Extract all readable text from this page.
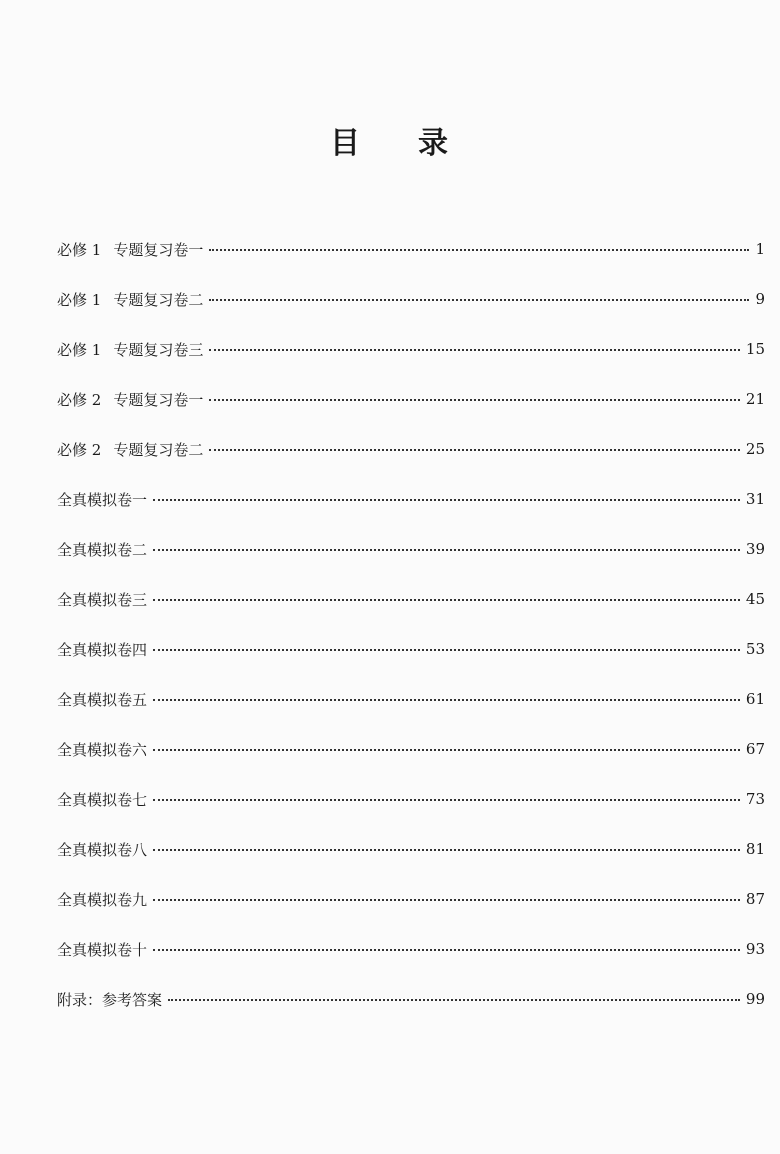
目 录
必修 1 专题复习卷一	1
必修 1 专题复习卷二	9
必修 1 专题复习卷三	15
必修 2 专题复习卷一	21
必修 2 专题复习卷二	25
全真模拟卷一	31
全真模拟卷二	39
全真模拟卷三	45
全真模拟卷四	53
全真模拟卷五	61
全真模拟卷六	67
全真模拟卷七	73
全真模拟卷八	81
全真模拟卷九	87
全真模拟卷十	93
附录：参考答案	99
